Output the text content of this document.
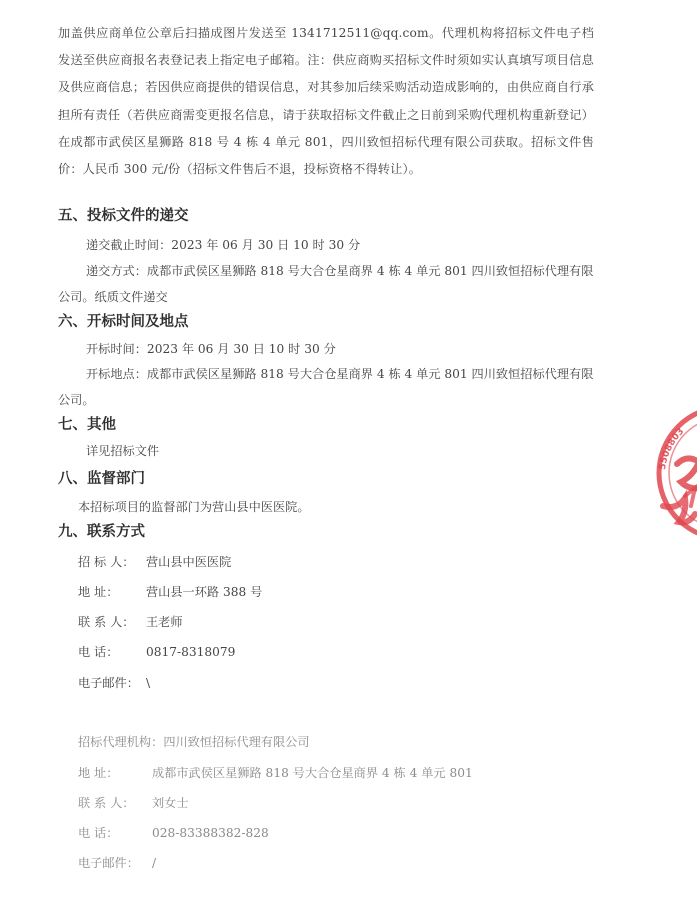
加盖供应商单位公章后扫描成图片发送至 1341712511@qq.com。代理机构将招标文件电子档发送至供应商报名表登记表上指定电子邮箱。注：供应商购买招标文件时须如实认真填写项目信息及供应商信息；若因供应商提供的错误信息，对其参加后续采购活动造成影响的，由供应商自行承担所有责任（若供应商需变更报名信息，请于获取招标文件截止之日前到采购代理机构重新登记）在成都市武侯区星狮路 818 号 4 栋 4 单元 801，四川致恒招标代理有限公司获取。招标文件售价：人民币 300 元/份（招标文件售后不退，投标资格不得转让）。
五、投标文件的递交
递交截止时间：2023 年 06 月 30 日 10 时 30 分
递交方式：成都市武侯区星狮路 818 号大合仓星商界 4 栋 4 单元 801 四川致恒招标代理有限公司。纸质文件递交
六、开标时间及地点
开标时间：2023 年 06 月 30 日 10 时 30 分
开标地点：成都市武侯区星狮路 818 号大合仓星商界 4 栋 4 单元 801 四川致恒招标代理有限公司。
七、其他
详见招标文件
八、监督部门
本招标项目的监督部门为营山县中医医院。
九、联系方式
招 标 人： 营山县中医医院
地 址： 营山县一环路 388 号
联 系 人： 王老师
电 话： 0817-8318079
电子邮件： \
招标代理机构：四川致恒招标代理有限公司
地 址：	成都市武侯区星狮路 818 号大合仓星商界 4 栋 4 单元 801
联 系 人： 刘女士
电 话：	028-83388382-828
电子邮件： /
5508803
